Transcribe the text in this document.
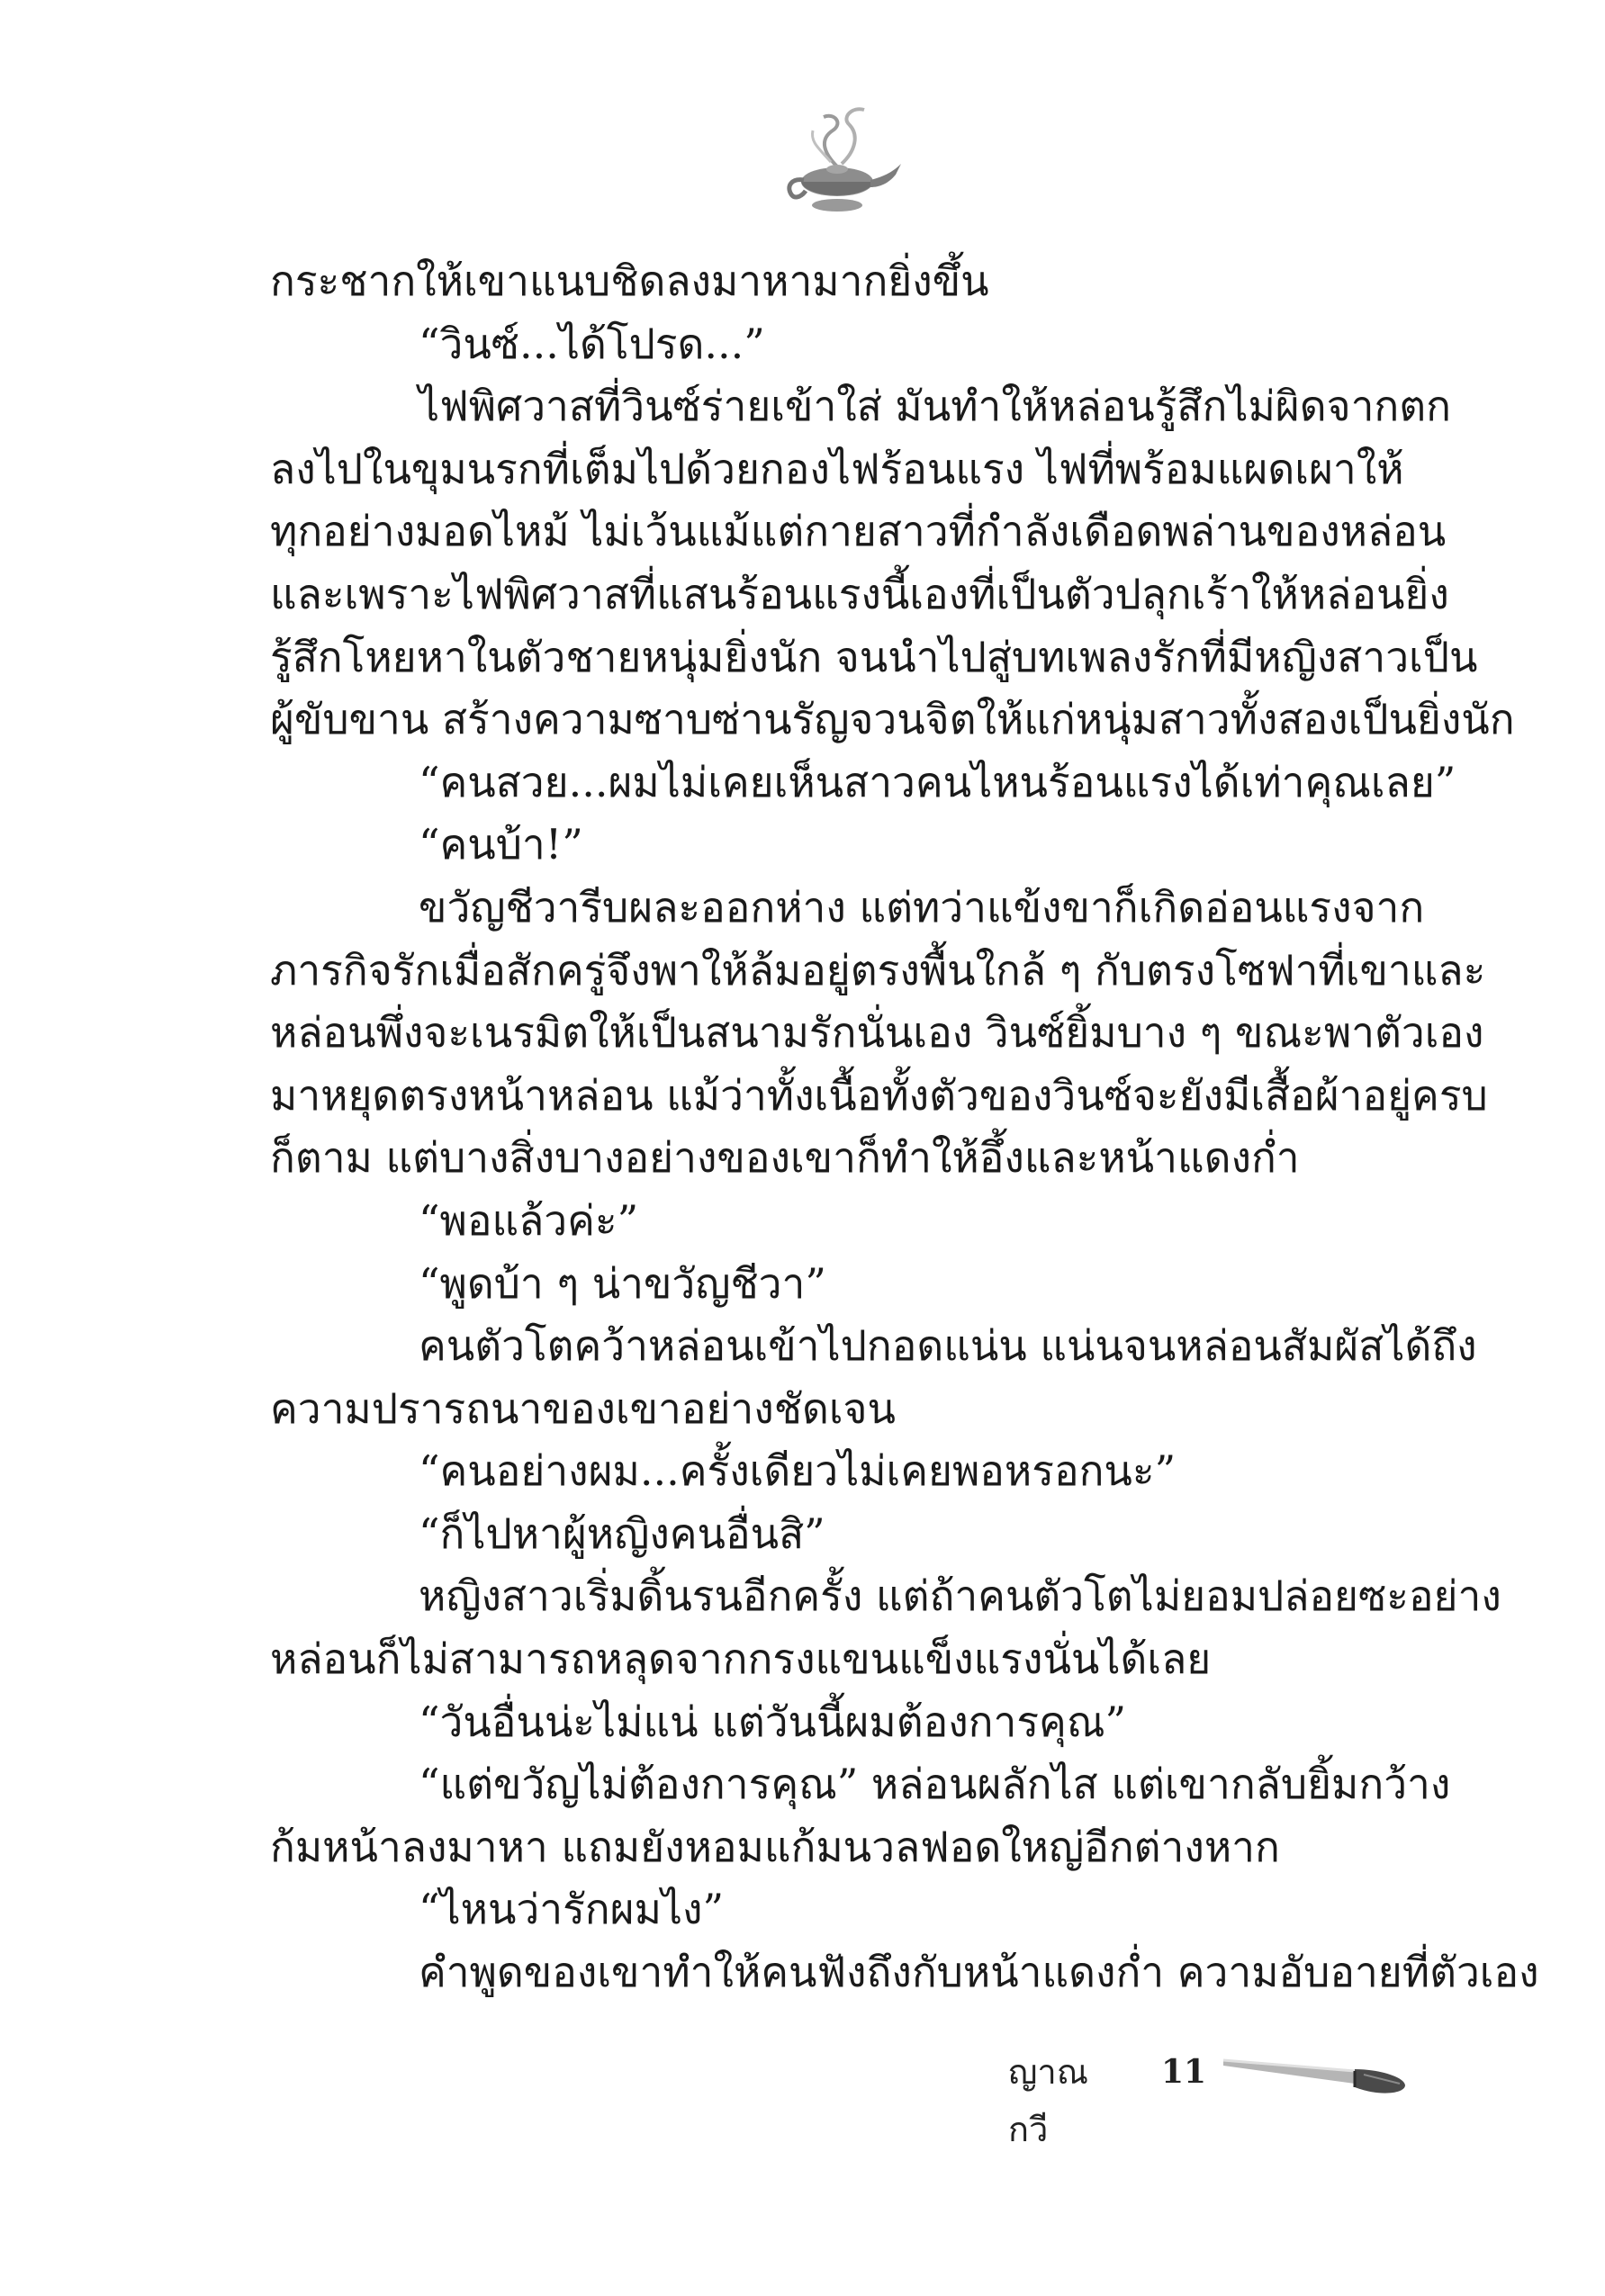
กระชากให้เขาแนบชิดลงมาหามากยิ่งขึ้น
“วินซ์...ได้โปรด...”
ไฟพิศวาสที่วินซ์ร่ายเข้าใส่ มันทำให้หล่อนรู้สึกไม่ผิดจากตก
ลงไปในขุมนรกที่เต็มไปด้วยกองไฟร้อนแรง ไฟที่พร้อมแผดเผาให้
ทุกอย่างมอดไหม้ ไม่เว้นแม้แต่กายสาวที่กำลังเดือดพล่านของหล่อน
และเพราะไฟพิศวาสที่แสนร้อนแรงนี้เองที่เป็นตัวปลุกเร้าให้หล่อนยิ่ง
รู้สึกโหยหาในตัวชายหนุ่มยิ่งนัก จนนำไปสู่บทเพลงรักที่มีหญิงสาวเป็น
ผู้ขับขาน สร้างความซาบซ่านรัญจวนจิตให้แก่หนุ่มสาวทั้งสองเป็นยิ่งนัก
“คนสวย...ผมไม่เคยเห็นสาวคนไหนร้อนแรงได้เท่าคุณเลย”
“คนบ้า!”
ขวัญชีวารีบผละออกห่าง แต่ทว่าแข้งขาก็เกิดอ่อนแรงจาก
ภารกิจรักเมื่อสักครู่จึงพาให้ล้มอยู่ตรงพื้นใกล้ ๆ กับตรงโซฟาที่เขาและ
หล่อนพึ่งจะเนรมิตให้เป็นสนามรักนั่นเอง วินซ์ยิ้มบาง ๆ ขณะพาตัวเอง
มาหยุดตรงหน้าหล่อน แม้ว่าทั้งเนื้อทั้งตัวของวินซ์จะยังมีเสื้อผ้าอยู่ครบ
ก็ตาม แต่บางสิ่งบางอย่างของเขาก็ทำให้อึ้งและหน้าแดงก่ำ
“พอแล้วค่ะ”
“พูดบ้า ๆ น่าขวัญชีวา”
คนตัวโตคว้าหล่อนเข้าไปกอดแน่น แน่นจนหล่อนสัมผัสได้ถึง
ความปรารถนาของเขาอย่างชัดเจน
“คนอย่างผม...ครั้งเดียวไม่เคยพอหรอกนะ”
“ก็ไปหาผู้หญิงคนอื่นสิ”
หญิงสาวเริ่มดิ้นรนอีกครั้ง แต่ถ้าคนตัวโตไม่ยอมปล่อยซะอย่าง
หล่อนก็ไม่สามารถหลุดจากกรงแขนแข็งแรงนั่นได้เลย
“วันอื่นน่ะไม่แน่ แต่วันนี้ผมต้องการคุณ”
“แต่ขวัญไม่ต้องการคุณ” หล่อนผลักไส แต่เขากลับยิ้มกว้าง
ก้มหน้าลงมาหา แถมยังหอมแก้มนวลฟอดใหญ่อีกต่างหาก
“ไหนว่ารักผมไง”
คำพูดของเขาทำให้คนฟังถึงกับหน้าแดงก่ำ ความอับอายที่ตัวเอง
ญาณกวี
11
